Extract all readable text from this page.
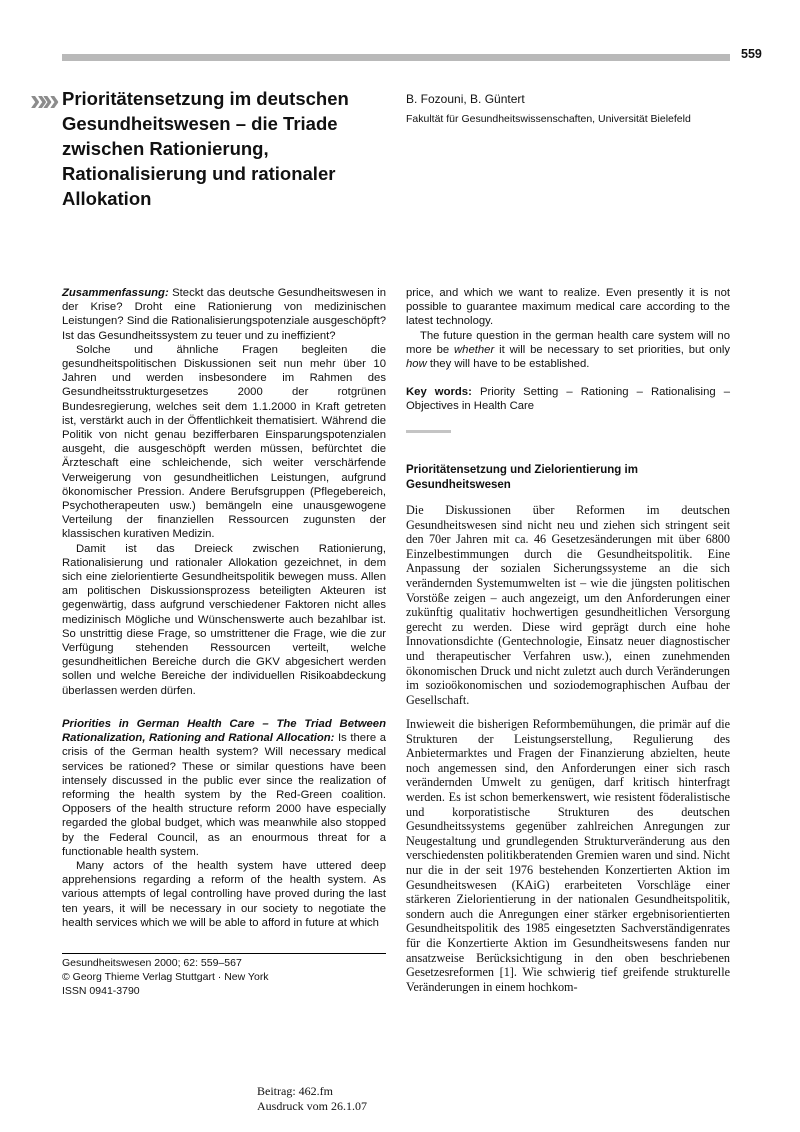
559
»» Prioritätensetzung im deutschen Gesundheitswesen – die Triade zwischen Rationierung, Rationalisierung und rationaler Allokation
B. Fozouni, B. Güntert
Fakultät für Gesundheitswissenschaften, Universität Bielefeld

Zusammenfassung: Steckt das deutsche Gesundheitswesen in der Krise? Droht eine Rationierung von medizinischen Leistungen? Sind die Rationalisierungspotenziale ausgeschöpft? Ist das Gesundheitssystem zu teuer und zu ineffizient?

Solche und ähnliche Fragen begleiten die gesundheitspolitischen Diskussionen seit nun mehr über 10 Jahren und werden insbesondere im Rahmen des Gesundheitsstrukturgesetzes 2000 der rotgrünen Bundesregierung, welches seit dem 1.1.2000 in Kraft getreten ist, verstärkt auch in der Öffentlichkeit thematisiert. Während die Politik von nicht genau bezifferbaren Einsparungspotenzialen ausgeht, die ausgeschöpft werden müssen, befürchtet die Ärzteschaft eine schleichende, sich weiter verschärfende Verweigerung von gesundheitlichen Leistungen, aufgrund ökonomischer Pression. Andere Berufsgruppen (Pflegebereich, Psychotherapeuten usw.) bemängeln eine unausgewogene Verteilung der finanziellen Ressourcen zugunsten der klassischen kurativen Medizin.

Damit ist das Dreieck zwischen Rationierung, Rationalisierung und rationaler Allokation gezeichnet, in dem sich eine zielorientierte Gesundheitspolitik bewegen muss. Allen am politischen Diskussionsprozess beteiligten Akteuren ist gegenwärtig, dass aufgrund verschiedener Faktoren nicht alles medizinisch Mögliche und Wünschenswerte auch bezahlbar ist. So unstrittig diese Frage, so umstrittener die Frage, wie die zur Verfügung stehenden Ressourcen verteilt, welche gesundheitlichen Bereiche durch die GKV abgesichert werden sollen und welche Bereiche der individuellen Risikoabdeckung überlassen werden dürfen.

Priorities in German Health Care – The Triad Between Rationalization, Rationing and Rational Allocation: Is there a crisis of the German health system? Will necessary medical services be rationed? These or similar questions have been intensely discussed in the public ever since the realization of reforming the health system by the Red-Green coalition. Opposers of the health structure reform 2000 have especially regarded the global budget, which was meanwhile also stopped by the Federal Council, as an enourmous threat for a functionable health system.

Many actors of the health system have uttered deep apprehensions regarding a reform of the health system. As various attempts of legal controlling have proved during the last ten years, it will be necessary in our society to negotiate the health services which we will be able to afford in future at which

price, and which we want to realize. Even presently it is not possible to guarantee maximum medical care according to the latest technology.

The future question in the german health care system will no more be whether it will be necessary to set priorities, but only how they will have to be established.

Key words: Priority Setting – Rationing – Rationalising – Objectives in Health Care

Prioritätensetzung und Zielorientierung im Gesundheitswesen
Die Diskussionen über Reformen im deutschen Gesundheitswesen sind nicht neu und ziehen sich stringent seit den 70er Jahren mit ca. 46 Gesetzesänderungen mit über 6800 Einzelbestimmungen durch die Gesundheitspolitik. Eine Anpassung der sozialen Sicherungssysteme an die sich verändernden Systemumwelten ist – wie die jüngsten politischen Vorstöße zeigen – auch angezeigt, um den Anforderungen einer zukünftig qualitativ hochwertigen gesundheitlichen Versorgung gerecht zu werden. Diese wird geprägt durch eine hohe Innovationsdichte (Gentechnologie, Einsatz neuer diagnostischer und therapeutischer Verfahren usw.), einen zunehmenden ökonomischen Druck und nicht zuletzt auch durch Veränderungen im sozioökonomischen und soziodemographischen Aufbau der Gesellschaft.
Inwieweit die bisherigen Reformbemühungen, die primär auf die Strukturen der Leistungserstellung, Regulierung des Anbietermarktes und Fragen der Finanzierung abzielten, heute noch angemessen sind, den Anforderungen einer sich rasch verändernden Umwelt zu genügen, darf kritisch hinterfragt werden. Es ist schon bemerkenswert, wie resistent föderalistische und korporatistische Strukturen des deutschen Gesundheitssystems gegenüber zahlreichen Anregungen zur Neugestaltung und grundlegenden Strukturveränderung aus den verschiedensten politikberatenden Gremien waren und sind. Nicht nur die in der seit 1976 bestehenden Konzertierten Aktion im Gesundheitswesen (KAiG) erarbeiteten Vorschläge einer stärkeren Zielorientierung in der nationalen Gesundheitspolitik, sondern auch die Anregungen einer stärker ergebnisorientierten Gesundheitspolitik des 1985 eingesetzten Sachverständigenrates für die Konzertierte Aktion im Gesundheitswesens fanden nur ansatzweise Berücksichtigung in den oben beschriebenen Gesetzesreformen [1]. Wie schwierig tief greifende strukturelle Veränderungen in einem hochkom-
Gesundheitswesen 2000; 62: 559–567
© Georg Thieme Verlag Stuttgart · New York
ISSN 0941-3790
Beitrag: 462.fm
Ausdruck vom 26.1.07
